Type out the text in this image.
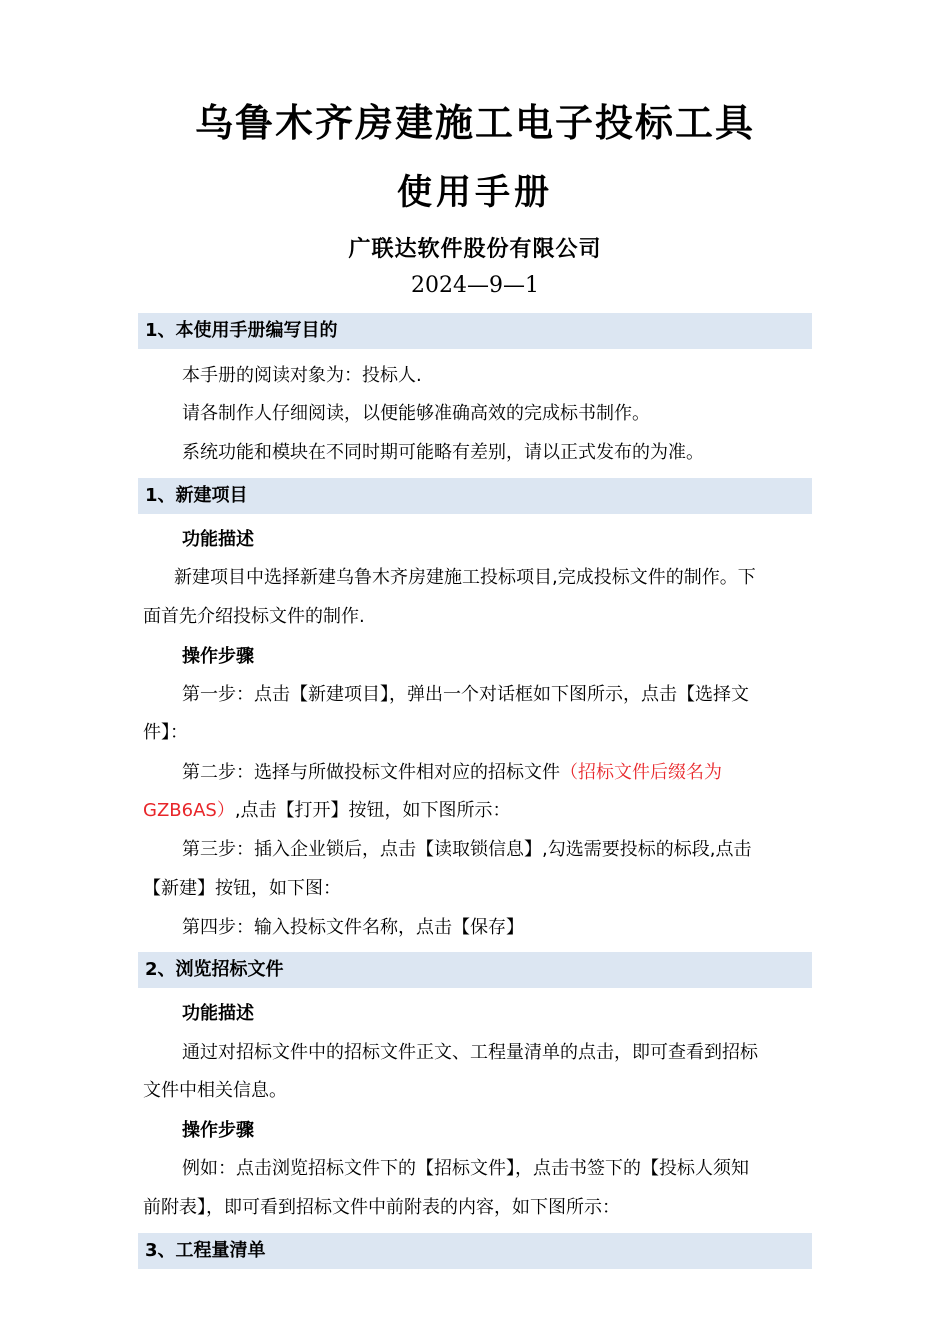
乌鲁木齐房建施工电子投标工具
使用手册
广联达软件股份有限公司
2024—9—1
1、本使用手册编写目的
本手册的阅读对象为：投标人.
请各制作人仔细阅读，以便能够准确高效的完成标书制作。
系统功能和模块在不同时期可能略有差别，请以正式发布的为准。
1、新建项目
功能描述
新建项目中选择新建乌鲁木齐房建施工投标项目,完成投标文件的制作。下
面首先介绍投标文件的制作.
操作步骤
第一步：点击【新建项目】，弹出一个对话框如下图所示，点击【选择文
件】：
第二步：选择与所做投标文件相对应的招标文件（招标文件后缀名为
GZB6AS）,点击【打开】按钮，如下图所示：
第三步：插入企业锁后，点击【读取锁信息】,勾选需要投标的标段,点击
【新建】按钮，如下图：
第四步：输入投标文件名称，点击【保存】
2、浏览招标文件
功能描述
通过对招标文件中的招标文件正文、工程量清单的点击，即可查看到招标
文件中相关信息。
操作步骤
例如：点击浏览招标文件下的【招标文件】，点击书签下的【投标人须知
前附表】，即可看到招标文件中前附表的内容，如下图所示：
3、工程量清单
